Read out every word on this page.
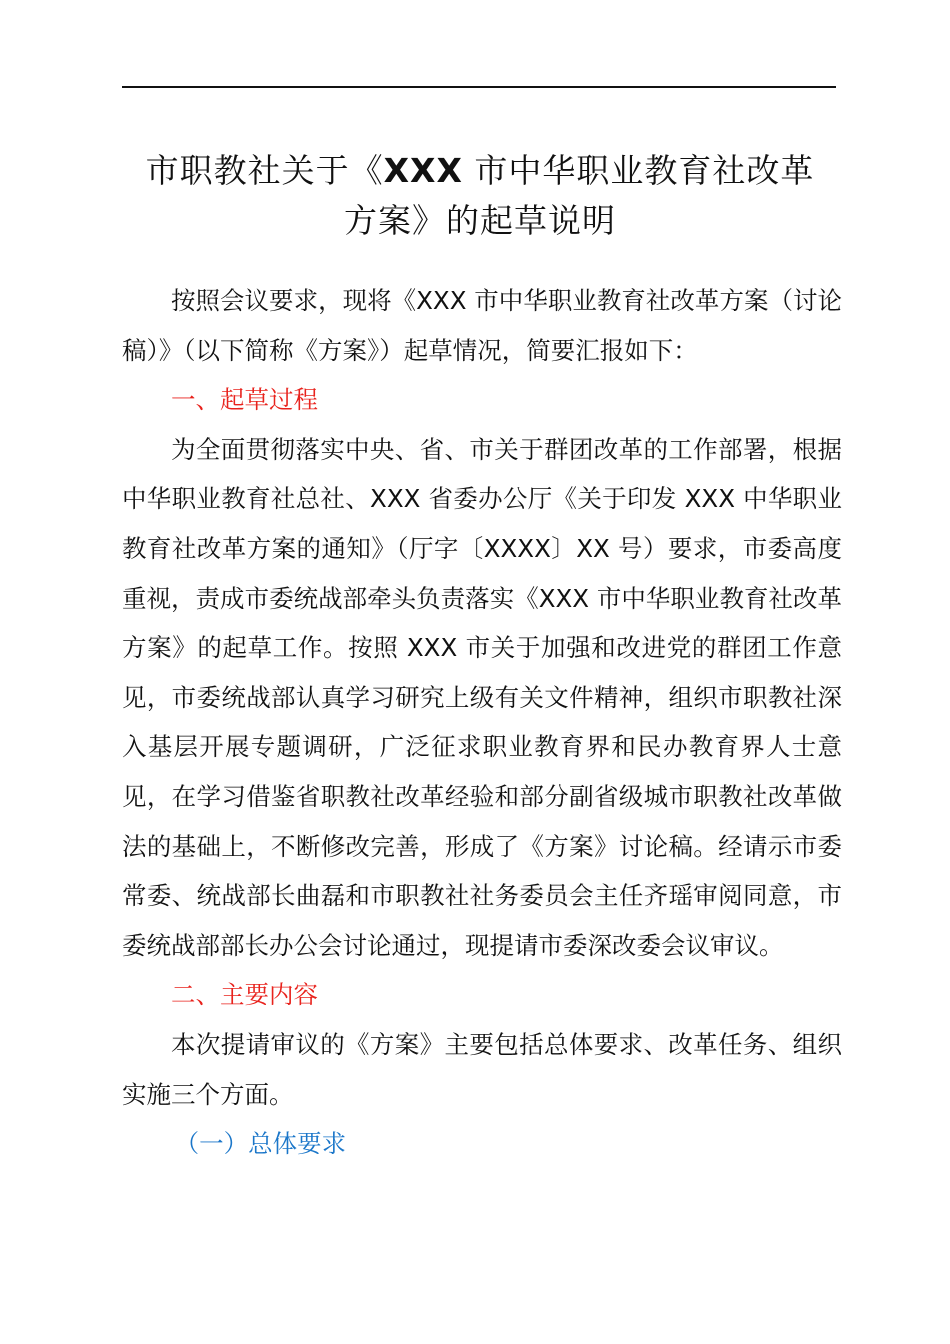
市职教社关于《XXX 市中华职业教育社改革
方案》的起草说明

按照会议要求，现将《XXX 市中华职业教育社改革方案（讨论稿）》（以下简称《方案》）起草情况，简要汇报如下：

一、起草过程

为全面贯彻落实中央、省、市关于群团改革的工作部署，根据中华职业教育社总社、XXX 省委办公厅《关于印发 XXX 中华职业教育社改革方案的通知》（厅字〔XXXX〕XX 号）要求，市委高度重视，责成市委统战部牵头负责落实《XXX 市中华职业教育社改革方案》的起草工作。按照 XXX 市关于加强和改进党的群团工作意见，市委统战部认真学习研究上级有关文件精神，组织市职教社深入基层开展专题调研，广泛征求职业教育界和民办教育界人士意见，在学习借鉴省职教社改革经验和部分副省级城市职教社改革做法的基础上，不断修改完善，形成了《方案》讨论稿。经请示市委常委、统战部长曲磊和市职教社社务委员会主任齐瑶审阅同意，市委统战部部长办公会讨论通过，现提请市委深改委会议审议。

二、主要内容

本次提请审议的《方案》主要包括总体要求、改革任务、组织实施三个方面。

（一）总体要求
